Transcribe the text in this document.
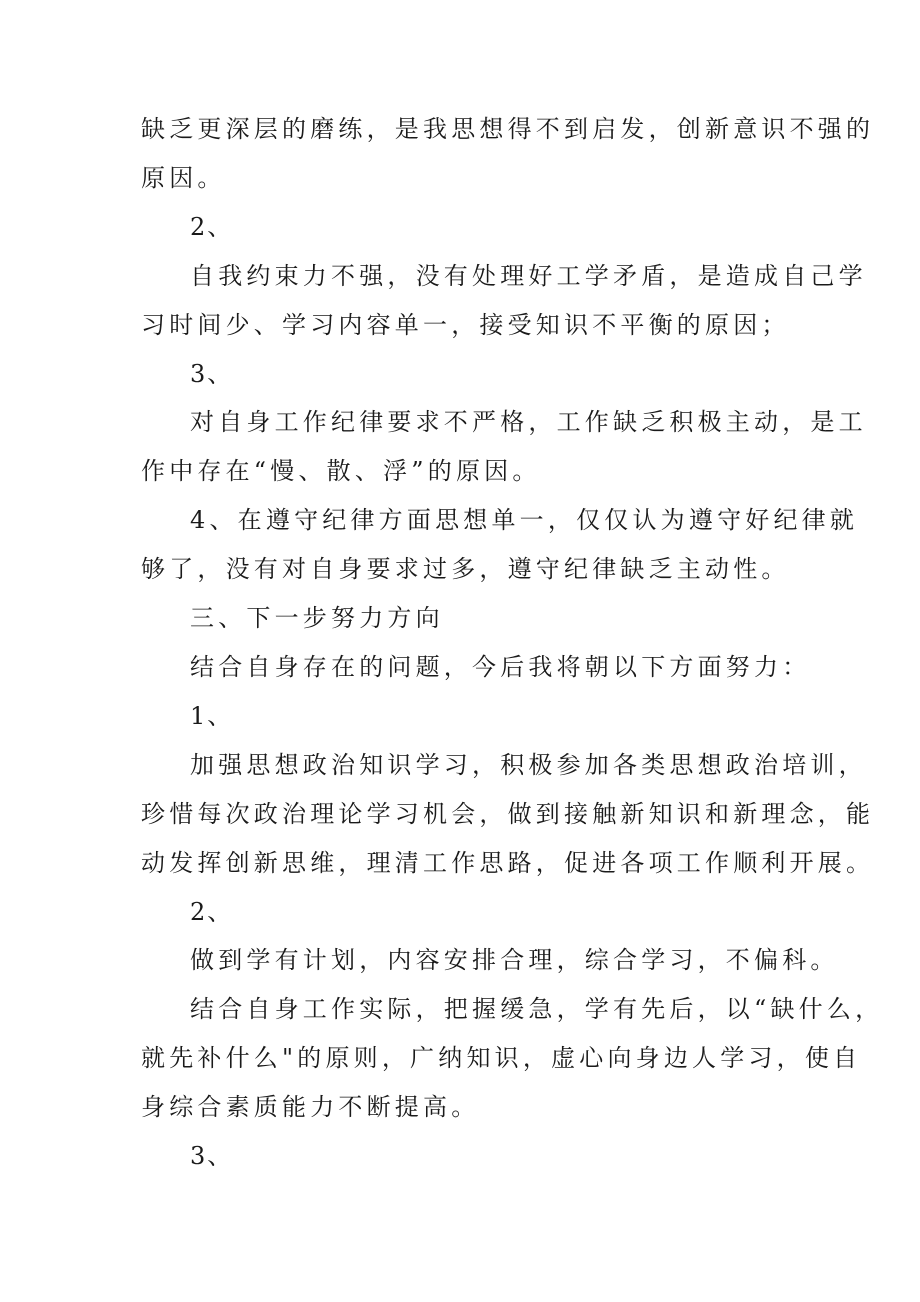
缺乏更深层的磨练，是我思想得不到启发，创新意识不强的
原因。
2、
自我约束力不强，没有处理好工学矛盾，是造成自己学
习时间少、学习内容单一，接受知识不平衡的原因；
3、
对自身工作纪律要求不严格，工作缺乏积极主动，是工
作中存在“慢、散、浮”的原因。
4、在遵守纪律方面思想单一，仅仅认为遵守好纪律就
够了，没有对自身要求过多，遵守纪律缺乏主动性。
三、下一步努力方向
结合自身存在的问题，今后我将朝以下方面努力：
1、
加强思想政治知识学习，积极参加各类思想政治培训，
珍惜每次政治理论学习机会，做到接触新知识和新理念，能
动发挥创新思维，理清工作思路，促进各项工作顺利开展。
2、
做到学有计划，内容安排合理，综合学习，不偏科。
结合自身工作实际，把握缓急，学有先后，以“缺什么，
就先补什么"的原则，广纳知识，虚心向身边人学习，使自
身综合素质能力不断提高。
3、
